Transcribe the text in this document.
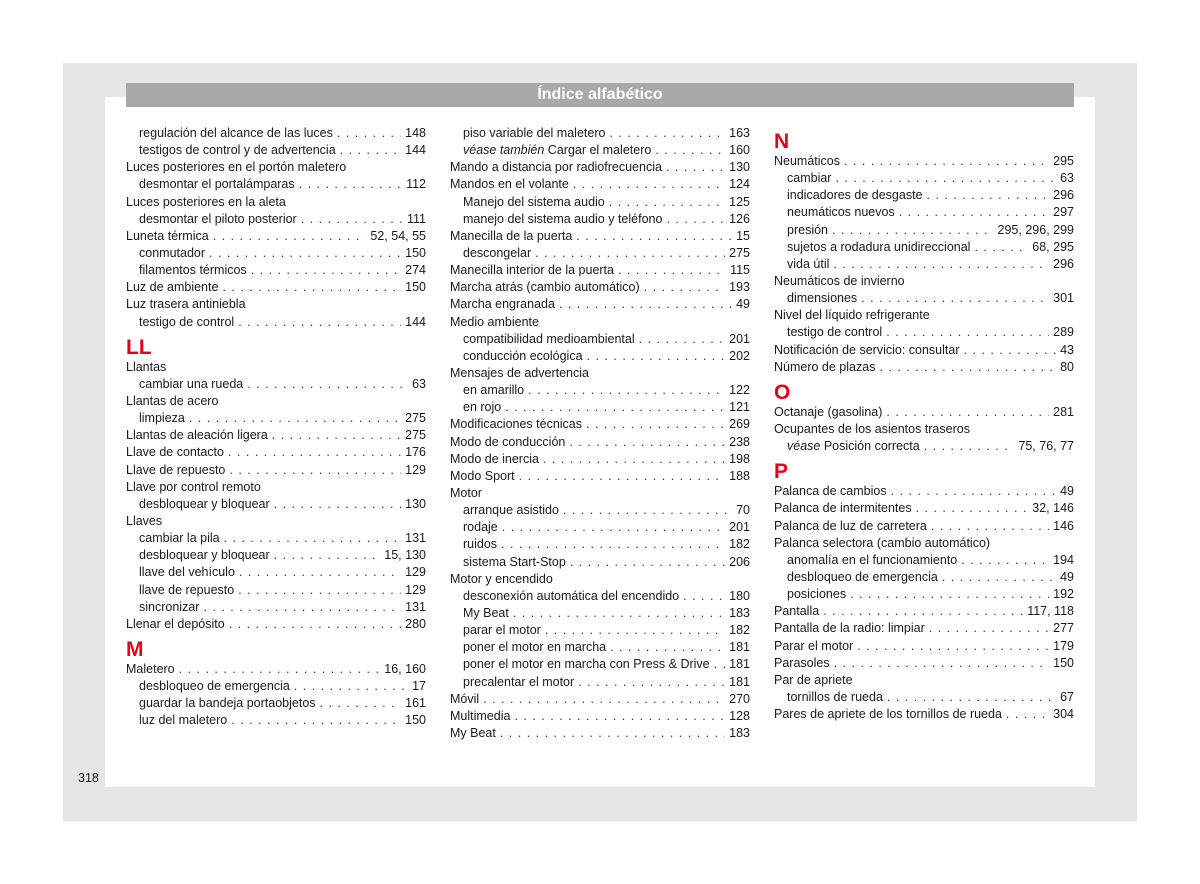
Índice alfabético
regulación del alcance de las luces . . .	148
testigos de control y de advertencia . . .	144
Luces posteriores en el portón maletero
desmontar el portalámparas . . .	112
Luces posteriores en la aleta
desmontar el piloto posterior . . .	111
Luneta térmica . . .	52, 54, 55
conmutador . . .	150
filamentos térmicos . . .	274
Luz de ambiente . . .	150
Luz trasera antiniebla
testigo de control . . .	144
LL
Llantas
cambiar una rueda . . .	63
Llantas de acero
limpieza . . .	275
Llantas de aleación ligera . . .	275
Llave de contacto . . .	176
Llave de repuesto . . .	129
Llave por control remoto
desbloquear y bloquear . . .	130
Llaves
cambiar la pila . . .	131
desbloquear y bloquear . . .	15, 130
llave del vehículo . . .	129
llave de repuesto . . .	129
sincronizar . . .	131
Llenar el depósito . . .	280
M
Maletero . . .	16, 160
desbloqueo de emergencia . . .	17
guardar la bandeja portaobjetos . . .	161
luz del maletero . . .	150
piso variable del maletero . . .	163
véase también Cargar el maletero . . .	160
Mando a distancia por radiofrecuencia . . .	130
Mandos en el volante . . .	124
Manejo del sistema audio . . .	125
manejo del sistema audio y teléfono . . .	126
Manecilla de la puerta . . .	15
descongelar . . .	275
Manecilla interior de la puerta . . .	115
Marcha atrás (cambio automático) . . .	193
Marcha engranada . . .	49
Medio ambiente
compatibilidad medioambiental . . .	201
conducción ecológica . . .	202
Mensajes de advertencia
en amarillo . . .	122
en rojo . . .	121
Modificaciones técnicas . . .	269
Modo de conducción . . .	238
Modo de inercia . . .	198
Modo Sport . . .	188
Motor
arranque asistido . . .	70
rodaje . . .	201
ruidos . . .	182
sistema Start-Stop . . .	206
Motor y encendido
desconexión automática del encendido . . .	180
My Beat . . .	183
parar el motor . . .	182
poner el motor en marcha . . .	181
poner el motor en marcha con Press & Drive . . . 181
precalentar el motor . . .	181
Móvil . . .	270
Multimedia . . .	128
My Beat . . .	183
N
Neumáticos . . .	295
cambiar . . .	63
indicadores de desgaste . . .	296
neumáticos nuevos . . .	297
presión . . .	295, 296, 299
sujetos a rodadura unidireccional . . .	68, 295
vida útil . . .	296
Neumáticos de invierno
dimensiones . . .	301
Nivel del líquido refrigerante
testigo de control . . .	289
Notificación de servicio: consultar . . .	43
Número de plazas . . .	80
O
Octanaje (gasolina) . . .	281
Ocupantes de los asientos traseros
véase Posición correcta . . .	75, 76, 77
P
Palanca de cambios . . .	49
Palanca de intermitentes . . .	32, 146
Palanca de luz de carretera . . .	146
Palanca selectora (cambio automático)
anomalía en el funcionamiento . . .	194
desbloqueo de emergencia . . .	49
posiciones . . .	192
Pantalla . . .	117, 118
Pantalla de la radio: limpiar . . .	277
Parar el motor . . .	179
Parasoles . . .	150
Par de apriete
tornillos de rueda . . .	67
Pares de apriete de los tornillos de rueda . . .	304
318
